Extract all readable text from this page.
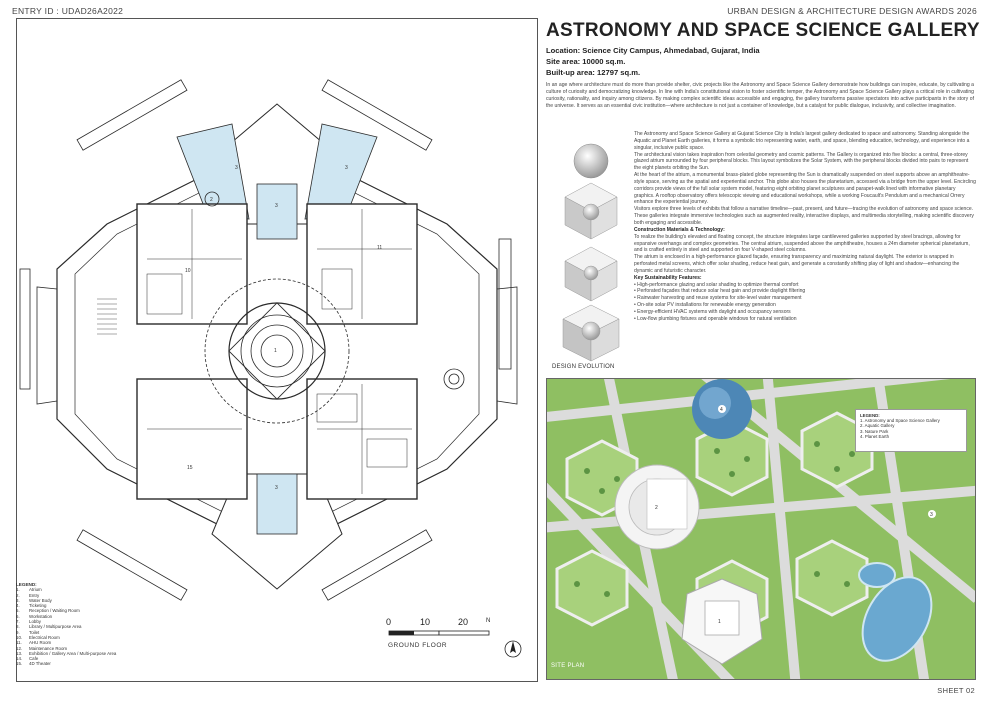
ENTRY ID : UDAD26A2022	URBAN DESIGN & ARCHITECTURE DESIGN AWARDS 2026
1
2
3	3
3
3
10
15
11
0	10	20	N
GROUND FLOOR
LEGEND:
1. Atrium
2. Entry
3. Water Body
4. Ticketing
5. Reception / Waiting Room
6. Workstation
7. Lobby
8. Library / Multipurpose Area
9. Toilet
10. Electrical Room
11. AHU Room
12. Maintenance Room
13. Exhibition / Gallery Area / Multi-purpose Area
14. Cafe
15. 4D Theater
ASTRONOMY AND SPACE SCIENCE GALLERY
Location: Science City Campus, Ahmedabad, Gujarat, India
Site area: 10000 sq.m.
Built-up area: 12797 sq.m.
In an age where architecture must do more than provide shelter, civic projects like the Astronomy and Space Science Gallery demonstrate how buildings can inspire, educate, by cultivating a culture of curiosity and democratizing knowledge. In line with India's constitutional vision to foster scientific temper, the Astronomy and Space Science Gallery plays a critical role in cultivating curiosity, rationality, and inquiry among citizens. By making complex scientific ideas accessible and engaging, the gallery transforms passive spectators into active participants in the story of the universe. It serves as an essential civic institution—where architecture is not just a container of knowledge, but a catalyst for public dialogue, inclusivity, and collective imagination.
DESIGN EVOLUTION

The Astronomy and Space Science Gallery at Gujarat Science City is India's largest gallery dedicated to space and astronomy. Standing alongside the Aquatic and Planet Earth galleries, it forms a symbolic trio representing water, earth, and space, blending education, technology, and experience into a singular, inclusive public space.

The architectural vision takes inspiration from celestial geometry and cosmic patterns. The Gallery is organized into five blocks: a central, three-storey glazed atrium surrounded by four peripheral blocks. This layout symbolizes the Solar System, with the peripheral blocks divided into pairs to represent the eight planets orbiting the Sun.

At the heart of the atrium, a monumental brass-plated globe representing the Sun is dramatically suspended on steel supports above an amphitheatre-style space, serving as the spatial and experiential anchor. This globe also houses the planetarium, accessed via a bridge from the upper level. Encircling corridors provide views of the full solar system model, featuring eight orbiting planet sculptures and parapet-walk lined with informative planetary graphics. A rooftop observatory offers telescopic viewing and educational workshops, while a working Foucault's Pendulum and a mechanical Orrery enhance the experiential journey.

Visitors explore three levels of exhibits that follow a narrative timeline—past, present, and future—tracing the evolution of astronomy and space science. These galleries integrate immersive technologies such as augmented reality, interactive displays, and multimedia storytelling, making scientific discovery both engaging and accessible.

Construction Materials & Technology:

To realize the building's elevated and floating concept, the structure integrates large cantilevered galleries supported by steel bracings, allowing for expansive overhangs and complex geometries. The central atrium, suspended above the amphitheatre, houses a 24m diameter spherical planetarium, and is crafted entirely in steel and supported on four V-shaped steel columns.

The atrium is enclosed in a high-performance glazed façade, ensuring transparency and maximizing natural daylight. The exterior is wrapped in perforated metal screens, which offer solar shading, reduce heat gain, and generate a constantly shifting play of light and shadow—enhancing the dynamic and futuristic character.

Key Sustainability Features:

• High-performance glazing and solar shading to optimize thermal comfort
• Perforated façades that reduce solar heat gain and provide daylight filtering
• Rainwater harvesting and reuse systems for site-level water management
• On-site solar PV installations for renewable energy generation
• Energy-efficient HVAC systems with daylight and occupancy sensors
• Low-flow plumbing fixtures and operable windows for natural ventilation
4
1
2
3
LEGEND:
1. Astronomy and Space Science Gallery
2. Aquatic Gallery
3. Nature Park
4. Planet Earth
SITE PLAN
SHEET 02
